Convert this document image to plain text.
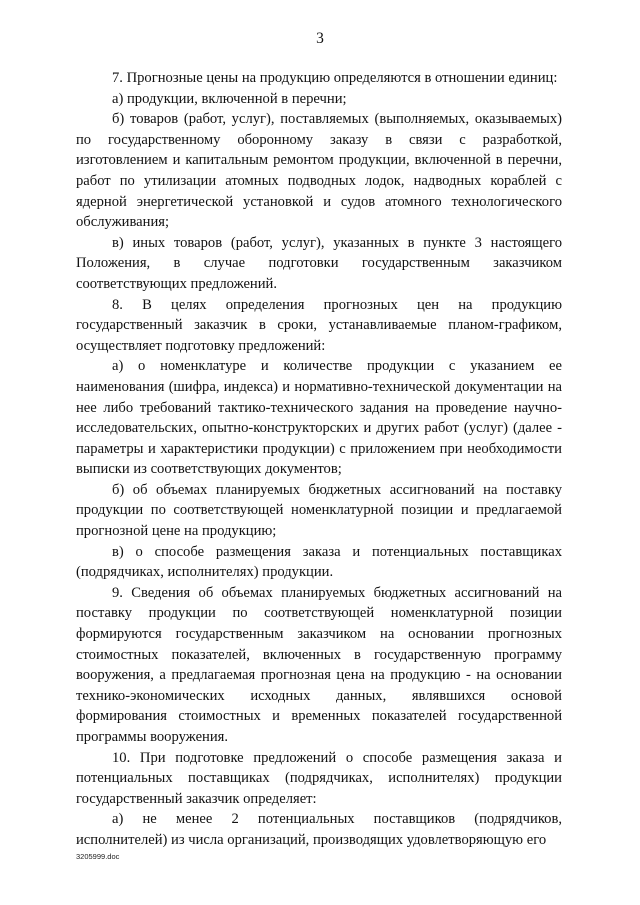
3

7. Прогнозные цены на продукцию определяются в отношении единиц:

а) продукции, включенной в перечни;

б) товаров (работ, услуг), поставляемых (выполняемых, оказываемых) по государственному оборонному заказу в связи с разработкой, изготовлением и капитальным ремонтом продукции, включенной в перечни, работ по утилизации атомных подводных лодок, надводных кораблей с ядерной энергетической установкой и судов атомного технологического обслуживания;

в) иных товаров (работ, услуг), указанных в пункте 3 настоящего Положения, в случае подготовки государственным заказчиком соответствующих предложений.

8. В целях определения прогнозных цен на продукцию государственный заказчик в сроки, устанавливаемые планом-графиком, осуществляет подготовку предложений:

а) о номенклатуре и количестве продукции с указанием ее наименования (шифра, индекса) и нормативно-технической документации на нее либо требований тактико-технического задания на проведение научно-исследовательских, опытно-конструкторских и других работ (услуг) (далее - параметры и характеристики продукции) с приложением при необходимости выписки из соответствующих документов;

б) об объемах планируемых бюджетных ассигнований на поставку продукции по соответствующей номенклатурной позиции и предлагаемой прогнозной цене на продукцию;

в) о способе размещения заказа и потенциальных поставщиках (подрядчиках, исполнителях) продукции.

9. Сведения об объемах планируемых бюджетных ассигнований на поставку продукции по соответствующей номенклатурной позиции формируются государственным заказчиком на основании прогнозных стоимостных показателей, включенных в государственную программу вооружения, а предлагаемая прогнозная цена на продукцию - на основании технико-экономических исходных данных, являвшихся основой формирования стоимостных и временных показателей государственной программы вооружения.

10. При подготовке предложений о способе размещения заказа и потенциальных поставщиках (подрядчиках, исполнителях) продукции государственный заказчик определяет:

а) не менее 2 потенциальных поставщиков (подрядчиков, исполнителей) из числа организаций, производящих удовлетворяющую его

3205999.doc
